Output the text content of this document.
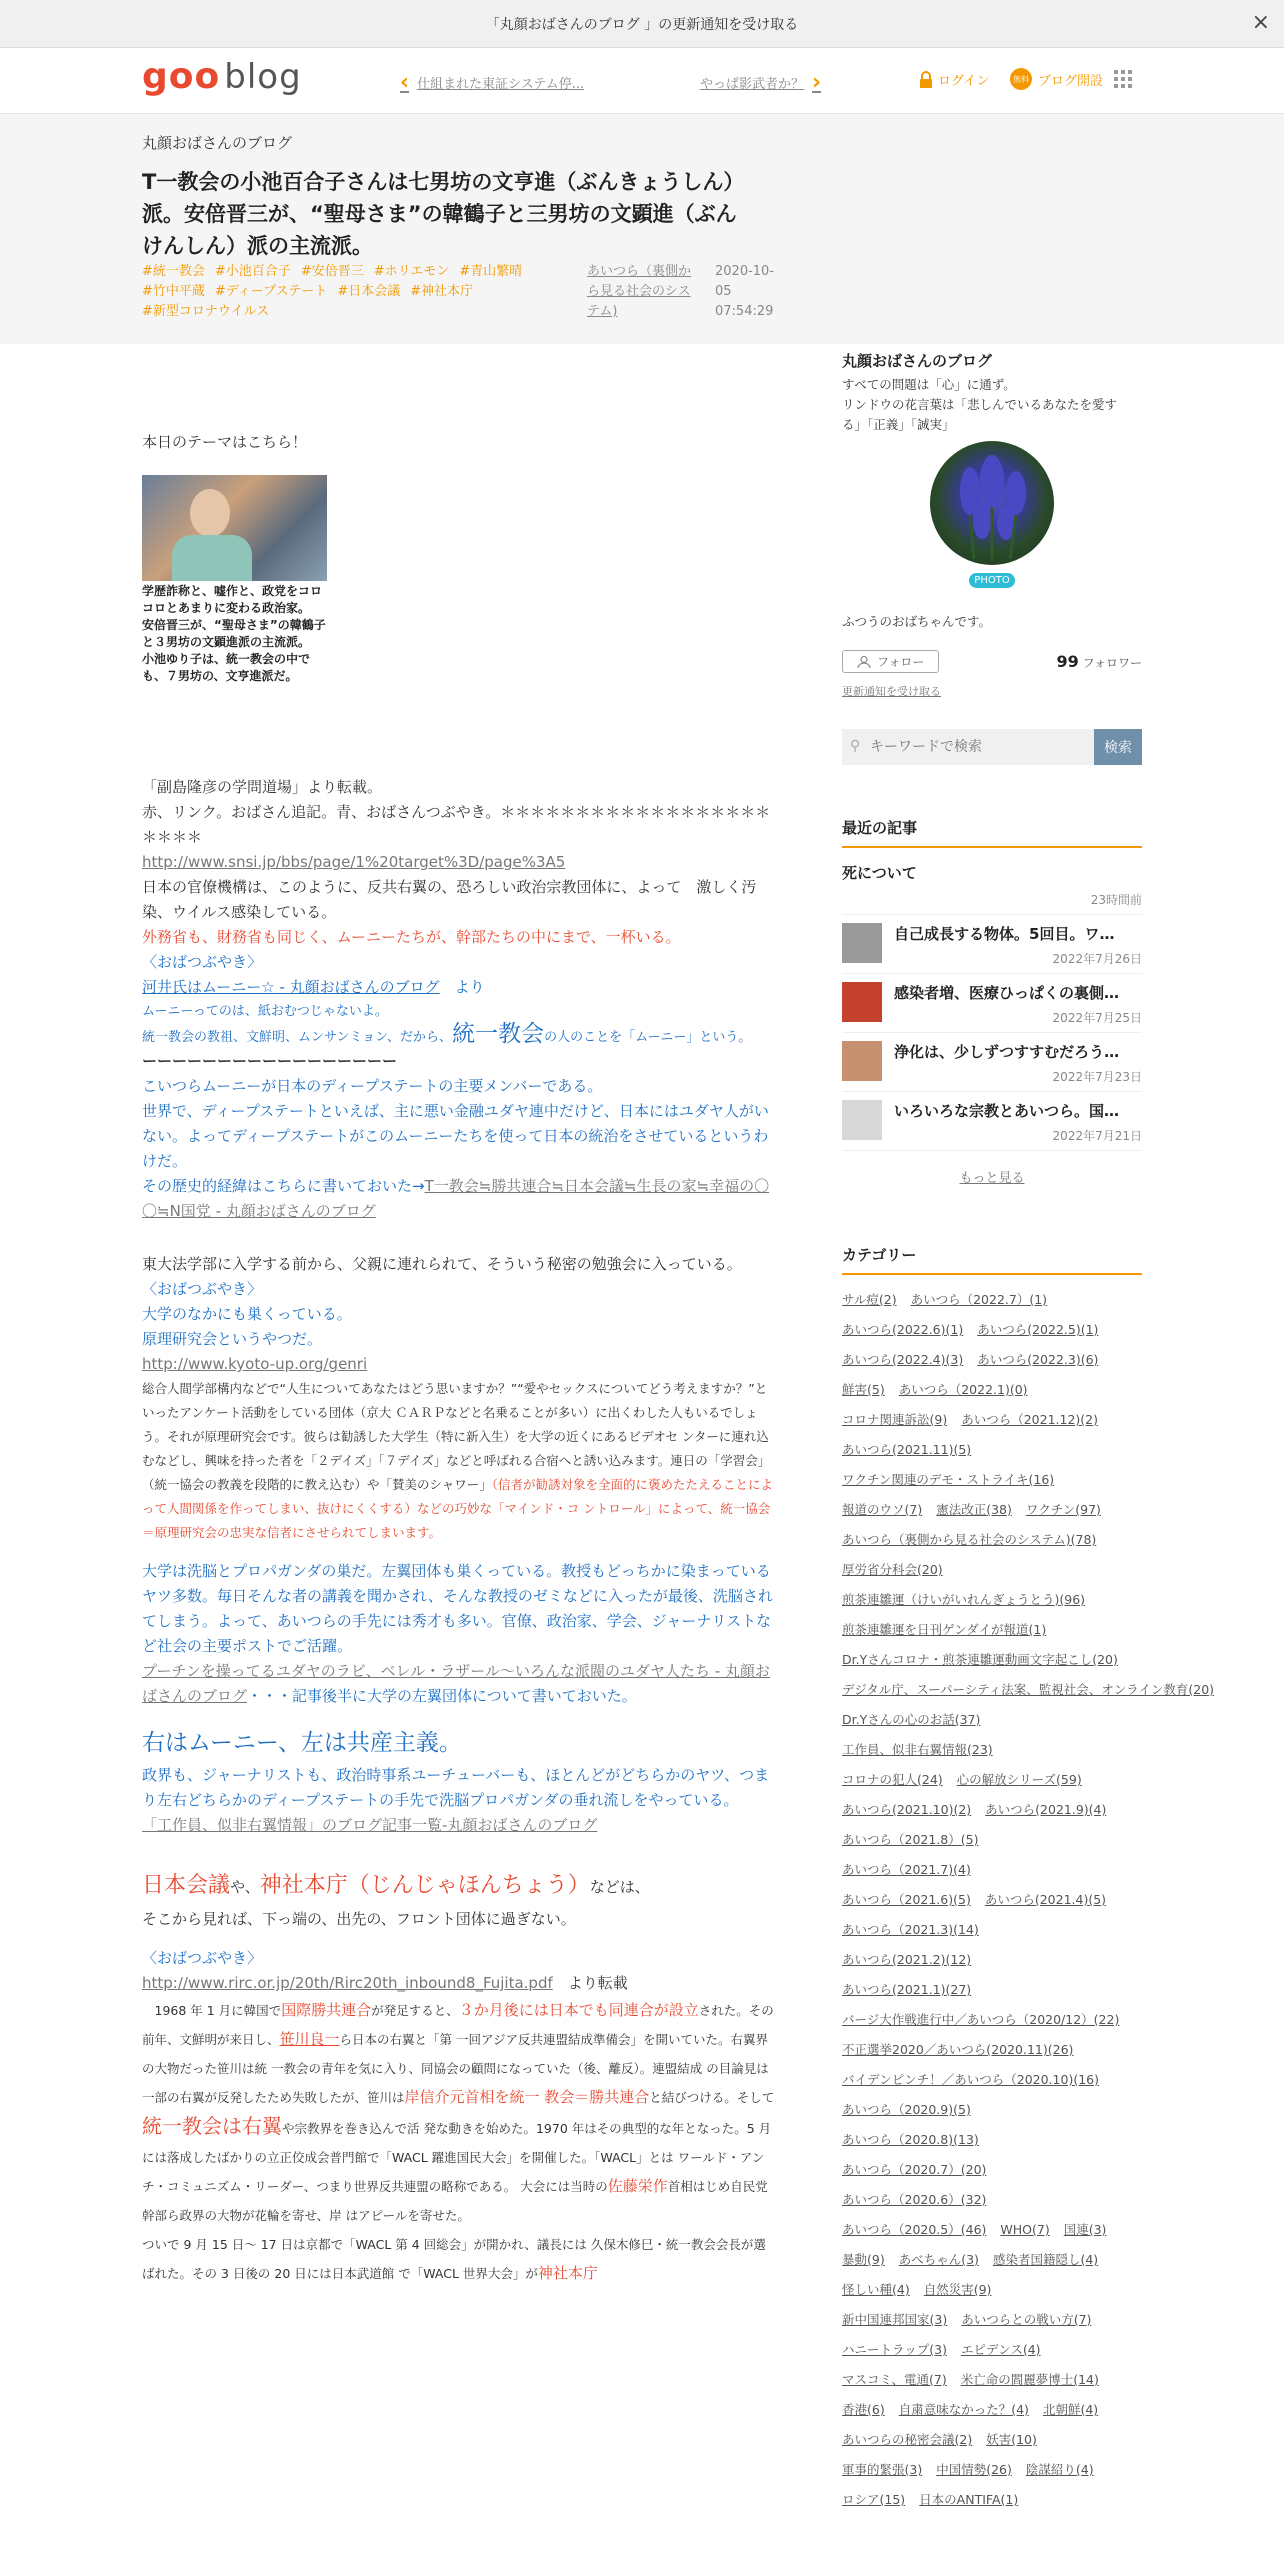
「丸顔おばさんのブログ 」の更新通知を受け取る	×
goo blog	‹ 仕組まれた東証システム停...	やっぱ影武者か？ ›	ログイン	無料 ブログ開設
丸顔おばさんのブログ
T一教会の小池百合子さんは七男坊の文亨進（ぶんきょうしん）派。安倍晋三が、“聖母さま”の韓鶴子と三男坊の文顕進（ぶんけんしん）派の主流派。
#統一教会 #小池百合子 #安倍晋三 #ホリエモン #青山繁晴#竹中平蔵 #ディープステート #日本会議 #神社本庁#新型コロナウイルス
あいつら（裏側から見る社会のシステム)
2020-10-05 07:54:29

本日のテーマはこちら！

学歴詐称と、嘘作と、政党をコロコロとあまりに変わる政治家。
安倍晋三が、“聖母さま”の韓鶴子と３男坊の文顕進派の主流派。
小池ゆり子は、統一教会の中でも、７男坊の、文亨進派だ。

「副島隆彦の学問道場」より転載。

赤、リンク。おばさん追記。青、おばさんつぶやき。＊＊＊＊＊＊＊＊＊＊＊＊＊＊＊＊＊＊＊＊＊＊

http://www.snsi.jp/bbs/page/1%20target%3D/page%3A5

日本の官僚機構は、このように、反共右翼の、恐ろしい政治宗教団体に、よって　激しく汚染、ウイルス感染している。

外務省も、財務省も同じく、ムーニーたちが、幹部たちの中にまで、一杯いる。

〈おばつぶやき〉

河井氏はムーニー☆ - 丸顔おばさんのブログ　より

ムーニーってのは、紙おむつじゃないよ。

統一教会の教祖、文鮮明、ムンサンミョン、だから、統一教会の人のことを「ムーニー」という。

ーーーーーーーーーーーーーーーーー

こいつらムーニーが日本のディープステートの主要メンバーである。

世界で、ディープステートといえば、主に悪い金融ユダヤ連中だけど、日本にはユダヤ人がいない。よってディープステートがこのムーニーたちを使って日本の統治をさせているというわけだ。

その歴史的経緯はこちらに書いておいた→T一教会≒勝共連合≒日本会議≒生長の家≒幸福の〇〇≒N国党 - 丸顔おばさんのブログ

東大法学部に入学する前から、父親に連れられて、そういう秘密の勉強会に入っている。

〈おばつぶやき〉

大学のなかにも巣くっている。

原理研究会というやつだ。

http://www.kyoto-up.org/genri

総合人間学部構内などで“人生についてあなたはどう思いますか？”“愛やセックスについてどう考えますか？”といったアンケート活動をしている団体（京大 ＣＡＲＰなどと名乗ることが多い）に出くわした人もいるでしょう。それが原理研究会です。彼らは勧誘した大学生（特に新入生）を大学の近くにあるビデオセ ンターに連れ込むなどし、興味を持った者を「２デイズ」「７デイズ」などと呼ばれる合宿へと誘い込みます。連日の「学習会」（統一協会の教義を段階的に教え込む）や「賛美のシャワー」（信者が勧誘対象を全面的に褒めたたえることによって人間関係を作ってしまい、抜けにくくする）などの巧妙な「マインド・コ ントロール」によって、統一協会＝原理研究会の忠実な信者にさせられてしまいます。

大学は洗脳とプロパガンダの巣だ。左翼団体も巣くっている。教授もどっちかに染まっているヤツ多数。毎日そんな者の講義を聞かされ、そんな教授のゼミなどに入ったが最後、洗脳されてしまう。よって、あいつらの手先には秀才も多い。官僚、政治家、学会、ジャーナリストなど社会の主要ポストでご活躍。

プーチンを操ってるユダヤのラビ、ベレル・ラザール～いろんな派閥のユダヤ人たち - 丸顔おばさんのブログ・・・記事後半に大学の左翼団体について書いておいた。

右はムーニー、左は共産主義。

政界も、ジャーナリストも、政治時事系ユーチューバーも、ほとんどがどちらかのヤツ、つまり左右どちらかのディープステートの手先で洗脳プロパガンダの垂れ流しをやっている。

「工作員、似非右翼情報」のブログ記事一覧-丸顔おばさんのブログ

日本会議や、神社本庁（じんじゃほんちょう）などは、

そこから見れば、下っ端の、出先の、フロント団体に過ぎない。

〈おばつぶやき〉

http://www.rirc.or.jp/20th/Rirc20th_inbound8_Fujita.pdf　より転載

1968 年 1 月に韓国で国際勝共連合が発足すると、３か月後には日本でも同連合が設立された。その前年、文鮮明が来日し、笹川良一ら日本の右翼と「第 一回アジア反共連盟結成準備会」を開いていた。右翼界の大物だった笹川は統 一教会の青年を気に入り、同協会の顧問になっていた（後、離反）。連盟結成 の目論見は一部の右翼が反発したため失敗したが、笹川は岸信介元首相を統一 教会＝勝共連合と結びつける。そして統一教会は右翼や宗教界を巻き込んで活 発な動きを始めた。1970 年はその典型的な年となった。5 月には落成したばかりの立正佼成会普門館で「WACL 躍進国民大会」を開催した。「WACL」とは ワールド・アンチ・コミュニズム・リーダー、つまり世界反共連盟の略称である。 大会には当時の佐藤栄作首相はじめ自民党幹部ら政界の大物が花輪を寄せ、岸 はアピールを寄せた。

ついで 9 月 15 日～ 17 日は京都で「WACL 第 4 回総会」が開かれ、議長には 久保木修巳・統一教会会長が選ばれた。その 3 日後の 20 日には日本武道館 で「WACL 世界大会」が神社本庁

丸顔おばさんのブログ

すべての問題は「心」に通ず。
リンドウの花言葉は「悲しんでいるあなたを愛する」「正義」「誠実」

PHOTO

ふつうのおばちゃんです。

フォロー	99 フォロワー

更新通知を受け取る

⚲
キーワードで検索	検索
最近の記事

死について

23時間前

自己成長する物体。5回目。ワ…
2022年7月26日
感染者増、医療ひっぱくの裏側…
2022年7月25日
浄化は、少しずつすすむだろう…
2022年7月23日
いろいろな宗教とあいつら。国…
2022年7月21日

もっと見る

カテゴリー
サル痘(2) あいつら（2022.7）(1)
あいつら(2022.6)(1) あいつら(2022.5)(1)
あいつら(2022.4)(3) あいつら(2022.3)(6)
鮮害(5) あいつら（2022.1)(0)
コロナ関連訴訟(9) あいつら（2021.12)(2)
あいつら(2021.11)(5)
ワクチン関連のデモ・ストライキ(16)
報道のウソ(7) 憲法改正(38) ワクチン(97)
あいつら（裏側から見る社会のシステム)(78)
厚労省分科会(20)
煎茶連雛運（けいがいれんぎょうとう)(96)
煎茶連雛運を日刊ゲンダイが報道(1)
Dr.Yさんコロナ・煎茶連雛運動画文字起こし(20)
デジタル庁、スーパーシティ法案、監視社会、オンライン教育(20)
Dr.Yさんの心のお話(37)
工作員、似非右翼情報(23)
コロナの犯人(24) 心の解放シリーズ(59)
あいつら(2021.10)(2) あいつら(2021.9)(4)
あいつら（2021.8）(5)
あいつら（2021.7)(4)
あいつら（2021.6)(5) あいつら(2021.4)(5)
あいつら（2021.3)(14)
あいつら(2021.2)(12)
あいつら(2021.1)(27)
バージ大作戦進行中／あいつら（2020/12）(22)
不正選挙2020／あいつら(2020.11)(26)
バイデンピンチ！／あいつら（2020.10)(16)
あいつら（2020.9)(5)
あいつら（2020.8)(13)
あいつら（2020.7）(20)
あいつら（2020.6）(32)
あいつら（2020.5）(46) WHO(7) 国連(3)
暴動(9) あべちゃん(3) 感染者国籍隠し(4)
怪しい種(4) 自然災害(9)
新中国連邦国家(3) あいつらとの戦い方(7)
ハニートラップ(3) エピデンス(4)
マスコミ、電通(7) 米亡命の閻麗夢博士(14)
香港(6) 自粛意味なかった？(4) 北朝鮮(4)
あいつらの秘密会議(2) 妖害(10)
軍事的緊張(3) 中国情勢(26) 陰謀紹り(4)
ロシア(15) 日本のANTIFA(1)
